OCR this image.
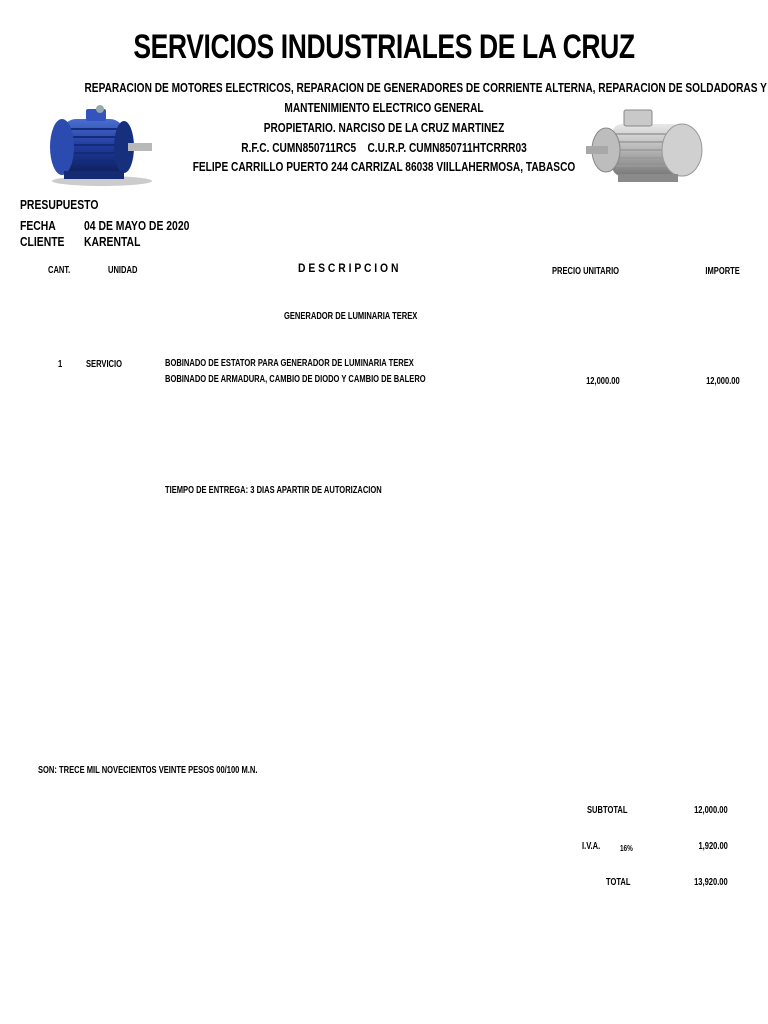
SERVICIOS INDUSTRIALES DE LA CRUZ
REPARACION DE MOTORES ELECTRICOS, REPARACION DE GENERADORES DE CORRIENTE ALTERNA, REPARACION DE SOLDADORAS Y
MANTENIMIENTO ELECTRICO GENERAL
PROPIETARIO. NARCISO DE LA CRUZ MARTINEZ
R.F.C. CUMN850711RC5    C.U.R.P. CUMN850711HTCRRR03
FELIPE CARRILLO PUERTO 244 CARRIZAL 86038 VIILLAHERMOSA, TABASCO
PRESUPUESTO
FECHA 04 DE MAYO DE 2020
CLIENTE KARENTAL
CANT.	UNIDAD	D E S C R I P C I O N	PRECIO UNITARIO	IMPORTE
GENERADOR DE LUMINARIA TEREX
1 SERVICIO	BOBINADO DE ESTATOR PARA GENERADOR DE LUMINARIA TEREX
BOBINADO DE ARMADURA, CAMBIO DE DIODO Y CAMBIO DE BALERO	12,000.00	12,000.00
TIEMPO DE ENTREGA: 3 DIAS APARTIR DE AUTORIZACION
SON: TRECE MIL NOVECIENTOS VEINTE PESOS 00/100 M.N.
SUBTOTAL	12,000.00
I.V.A. 16%	1,920.00
TOTAL	13,920.00
